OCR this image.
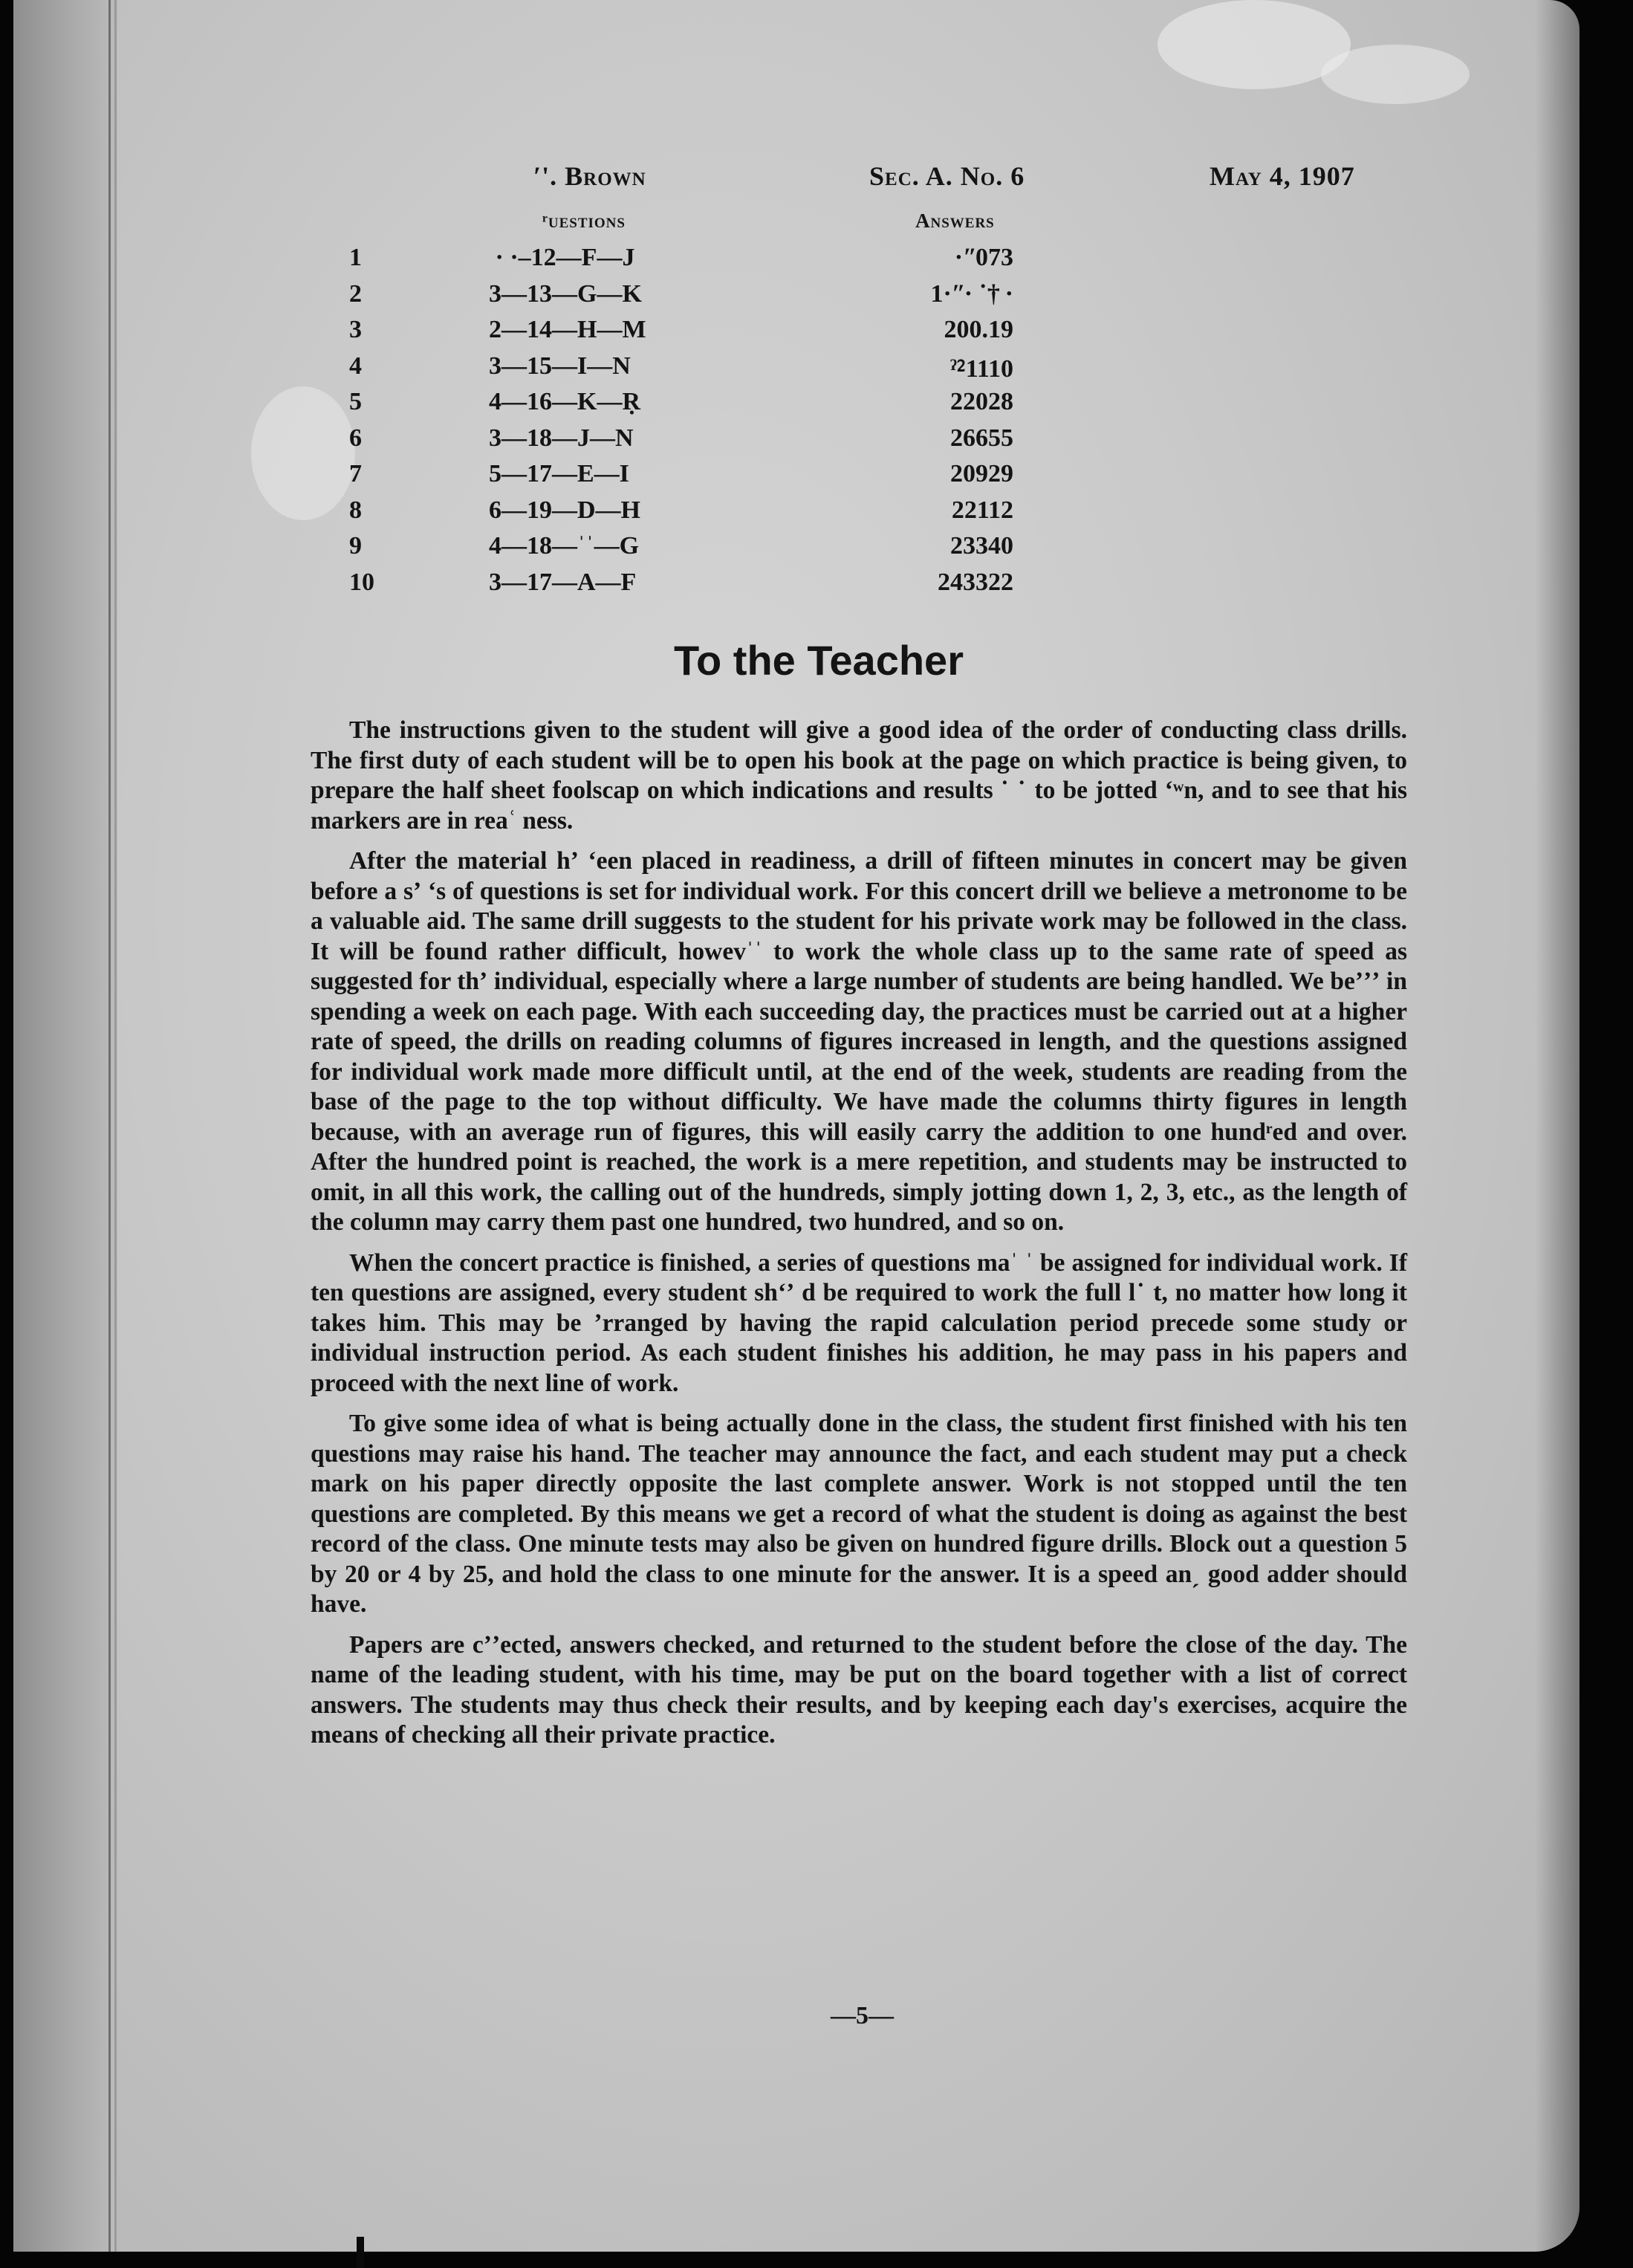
ʹ'. Brown	Sec. A. No. 6	May 4, 1907
ʳuestions	Answers
1	· ·​–12—F—J	·ʺ073
2	3—13—G—K	1·ʺ· ˙† ·
3	2—14—H—M	200.19
4	3—15—I—N	ˀ⁲1110
5	4—16—K—Ṛ	22028
6	3—18—J—N	26655
7	5—17—E—I	20929
8	6—19—D—H	22112
9	4—18—ˈˈ—G	23340
10	3—17—A—F	243322
To the Teacher

The instructions given to the student will give a good idea of the order of conducting class drills. The first duty of each student will be to open his book at the page on which practice is being given, to prepare the half sheet foolscap on which indications and results ˙ ˙ to be jotted ʻʷn, and to see that his markers are in reaʿ ness.

After the material hʼ ʻeen placed in readiness, a drill of fifteen minutes in concert may be given before a sʼ ʻs of questions is set for individual work. For this concert drill we believe a metronome to be a valuable aid. The same drill suggests to the student for his private work may be followed in the class. It will be found rather difficult, howevˈˈ to work the whole class up to the same rate of speed as suggested for thʼ individual, especially where a large number of students are being handled. We beʼʼʼ in spending a week on each page. With each succeeding day, the practices must be carried out at a higher rate of speed, the drills on reading columns of figures increased in length, and the questions assigned for individual work made more difficult until, at the end of the week, students are reading from the base of the page to the top without difficulty. We have made the columns thirty figures in length because, with an average run of figures, this will easily carry the addition to one hundʳed and over. After the hundred point is reached, the work is a mere repetition, and students may be instructed to omit, in all this work, the calling out of the hundreds, simply jotting down 1, 2, 3, etc., as the length of the column may carry them past one hundred, two hundred, and so on.

When the concert practice is finished, a series of questions maˈ ˈ be assigned for individual work. If ten questions are assigned, every student shʻʼ d be required to work the full l˙ t, no matter how long it takes him. This may be ʼrranged by having the rapid calculation period precede some study or individual instruction period. As each student finishes his addition, he may pass in his papers and proceed with the next line of work.

To give some idea of what is being actually done in the class, the student first finished with his ten questions may raise his hand. The teacher may announce the fact, and each student may put a check mark on his paper directly opposite the last complete answer. Work is not stopped until the ten questions are completed. By this means we get a record of what the student is doing as against the best record of the class. One minute tests may also be given on hundred figure drills. Block out a question 5 by 20 or 4 by 25, and hold the class to one minute for the answer. It is a speed anˏ good adder should have.

Papers are cʼʼected, answers checked, and returned to the student before the close of the day. The name of the leading student, with his time, may be put on the board together with a list of correct answers. The students may thus check their results, and by keeping each day's exercises, acquire the means of checking all their private practice.

—5—
